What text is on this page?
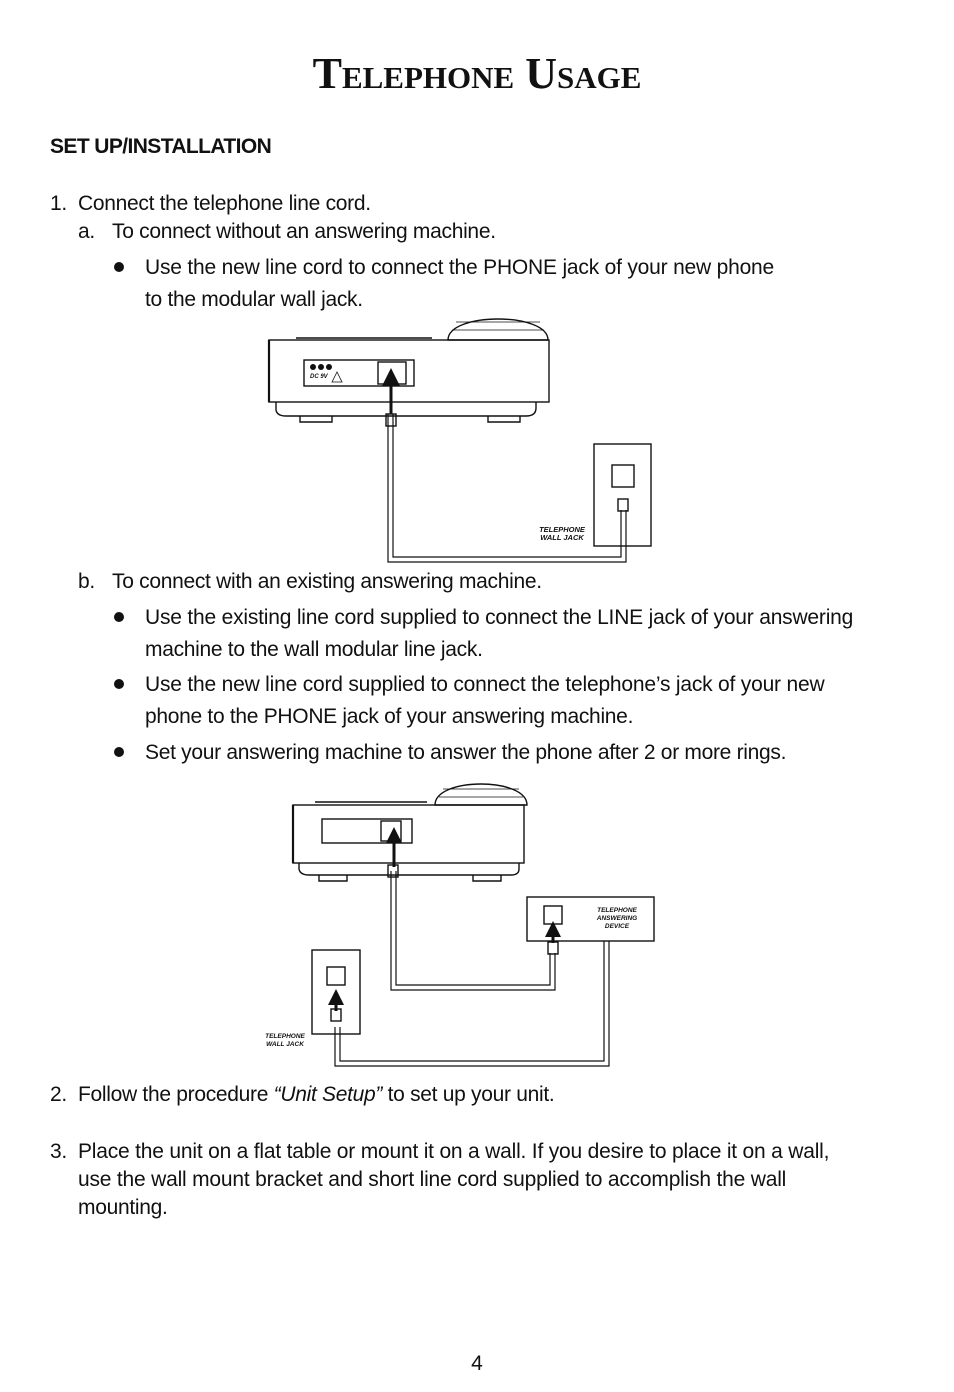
Telephone Usage
SET UP/INSTALLATION
1. Connect the telephone line cord.
a. To connect without an answering machine.
Use the new line cord to connect the PHONE jack of your new phone
to the modular wall jack.
DC 9V
TELEPHONE
WALL JACK
b. To connect with an existing answering machine.
Use the existing line cord supplied to connect the LINE jack of your answering
machine to the wall modular line jack.
Use the new line cord supplied to connect the telephone’s jack of your new
phone to the PHONE jack of your answering machine.
Set your answering machine to answer the phone after 2 or more rings.
TELEPHONE
ANSWERING
DEVICE
TELEPHONE
WALL JACK
2. Follow the procedure “Unit Setup” to set up your unit.
3. Place the unit on a flat table or mount it on a wall. If you desire to place it on a wall,
use the wall mount bracket and short line cord supplied to accomplish the wall
mounting.
4
